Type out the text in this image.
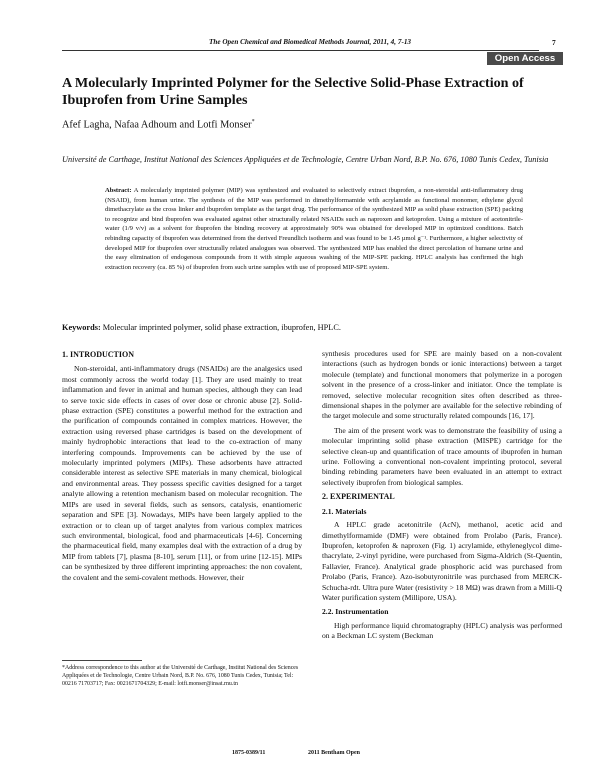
The Open Chemical and Biomedical Methods Journal, 2011, 4, 7-13	7
Open Access
A Molecularly Imprinted Polymer for the Selective Solid-Phase Extraction of Ibuprofen from Urine Samples
Afef Lagha, Nafaa Adhoum and Lotfi Monser*
Université de Carthage, Institut National des Sciences Appliquées et de Technologie, Centre Urban Nord, B.P. No. 676, 1080 Tunis Cedex, Tunisia
Abstract: A molecularly imprinted polymer (MIP) was synthesized and evaluated to selectively extract ibuprofen, a non-steroidal anti-inflammatory drug (NSAID), from human urine. The synthesis of the MIP was performed in dimethylformamide with acrylamide as functional monomer, ethylene glycol dimethacrylate as the cross linker and ibuprofen template as the target drug. The performance of the synthesized MIP as solid phase extraction (SPE) packing to recognize and bind ibuprofen was evaluated against other structurally related NSAIDs such as naproxen and ketoprofen. Using a mixture of acetonitrile-water (1/9 v/v) as a solvent for ibuprofen the binding recovery at approximately 90% was obtained for developed MIP in optimized conditions. Batch rebinding capacity of ibuprofen was determined from the derived Freundlich isotherm and was found to be 1.45 µmol g⁻¹. Furthermore, a higher selectivity of developed MIP for ibuprofen over structurally related analogues was observed. The synthesized MIP has enabled the direct percolation of humane urine and the easy elimination of endogenous compounds from it with simple aqueous washing of the MIP-SPE packing. HPLC analysis has confirmed the high extraction recovery (ca. 85 %) of ibuprofen from such urine samples with use of proposed MIP-SPE system.
Keywords: Molecular imprinted polymer, solid phase extraction, ibuprofen, HPLC.
1. INTRODUCTION

Non-steroidal, anti-inflammatory drugs (NSAIDs) are the analgesics used most commonly across the world today [1]. They are used mainly to treat inflammation and fever in animal and human species, although they can lead to serve toxic side effects in cases of over dose or chronic abuse [2]. Solid-phase extraction (SPE) constitutes a powerful method for the extraction and the purification of compounds contained in complex matrices. However, the extraction using reversed phase cartridges is based on the development of mainly hydrophobic interactions that lead to the co-extraction of many interfering compounds. Improvements can be achieved by the use of molecularly imprinted polymers (MIPs). These adsorbents have attracted considerable interest as selective SPE materials in many chemical, biological and environmental areas. They possess specific cavities designed for a target analyte allowing a retention mechanism based on molecular recognition. The MIPs are used in several fields, such as sensors, catalysis, enantiomeric separation and SPE [3]. Nowadays, MIPs have been largely applied to the extraction or to clean up of target analytes from various complex matrices such environmental, biological, food and pharmaceuticals [4-6]. Concerning the pharmaceutical field, many examples deal with the extraction of a drug by MIP from tablets [7], plasma [8-10], serum [11], or from urine [12-15]. MIPs can be synthesized by three different imprinting approaches: the non covalent, the covalent and the semi-covalent methods. However, their

synthesis procedures used for SPE are mainly based on a non-covalent interactions (such as hydrogen bonds or ionic interactions) between a target molecule (template) and functional monomers that polymerize in a porogen solvent in the presence of a cross-linker and initiator. Once the template is removed, selective molecular recognition sites often described as three-dimensional shapes in the polymer are available for the selective rebinding of the target molecule and some structurally related compounds [16, 17].

The aim of the present work was to demonstrate the feasibility of using a molecular imprinting solid phase extraction (MISPE) cartridge for the selective clean-up and quantification of trace amounts of ibuprofen in human urine. Following a conventional non-covalent imprinting protocol, several binding rebinding parameters have been evaluated in an attempt to extract selectively ibuprofen from biological samples.

2. EXPERIMENTAL
2.1. Materials

A HPLC grade acetonitrile (AcN), methanol, acetic acid and dimethylformamide (DMF) were obtained from Prolabo (Paris, France). Ibuprofen, ketoprofen & naproxen (Fig. 1) acrylamide, ethyleneglycol dime-thacrylate, 2-vinyl pyridine, were purchased from Sigma-Aldrich (St-Quentin, Fallavier, France). Analytical grade phosphoric acid was purchased from Prolabo (Paris, France). Azo-isobutyronitrile was purchased from MERCK-Schucha-rdt. Ultra pure Water (resistivity > 18 MΩ) was drawn from a Milli-Q Water purification system (Millipore, USA).

2.2. Instrumentation

High performance liquid chromatography (HPLC) analysis was performed on a Beckman LC system (Beckman

*Address correspondence to this author at the Université de Carthage, Institut National des Sciences Appliquées et de Technologie, Centre Urbain Nord, B.P. No. 676, 1080 Tunis Cedex, Tunisia; Tel: 00216 71703717; Fax: 0021671704329; E-mail: lotfi.monser@insat.rnu.tn
1875-0389/11	2011 Bentham Open
